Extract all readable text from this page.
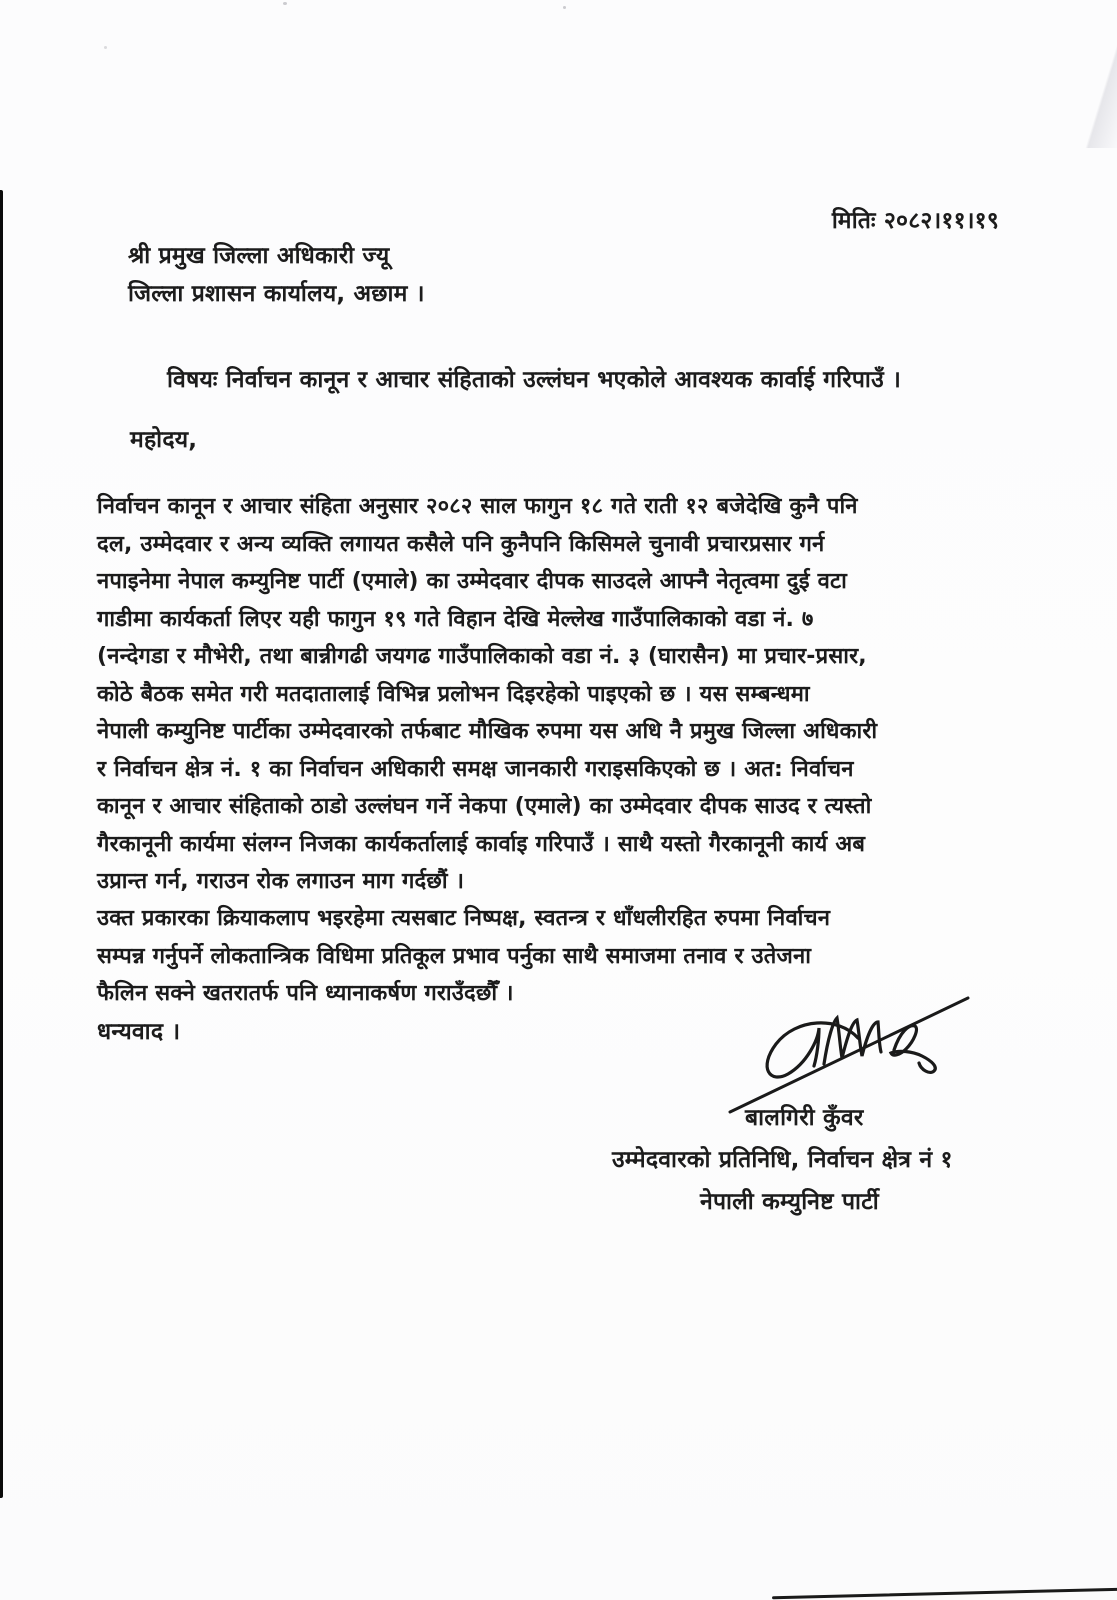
मितिः २०८२।११।१९
श्री प्रमुख जिल्ला अधिकारी ज्यू
जिल्ला प्रशासन कार्यालय, अछाम ।
विषयः निर्वाचन कानून र आचार संहिताको उल्लंघन भएकोले आवश्यक कार्वाई गरिपाउँ ।
महोदय,
निर्वाचन कानून र आचार संहिता अनुसार २०८२ साल फागुन १८ गते राती १२ बजेदेखि कुनै पनि
दल, उम्मेदवार र अन्य व्यक्ति लगायत कसैले पनि कुनैपनि किसिमले चुनावी प्रचारप्रसार गर्न
नपाइनेमा नेपाल कम्युनिष्ट पार्टी (एमाले) का उम्मेदवार दीपक साउदले आफ्नै नेतृत्वमा दुई वटा
गाडीमा कार्यकर्ता लिएर यही फागुन १९ गते विहान देखि मेल्लेख गाउँपालिकाको वडा नं. ७
(नन्देगडा र मौभेरी, तथा बान्नीगढी जयगढ गाउँपालिकाको वडा नं. ३ (घारासैन) मा प्रचार-प्रसार,
कोठे बैठक समेत गरी मतदातालाई विभिन्न प्रलोभन दिइरहेको पाइएको छ । यस सम्बन्धमा
नेपाली कम्युनिष्ट पार्टीका उम्मेदवारको तर्फबाट मौखिक रुपमा यस अधि नै प्रमुख जिल्ला अधिकारी
र निर्वाचन क्षेत्र नं. १ का निर्वाचन अधिकारी समक्ष जानकारी गराइसकिएको छ । अत: निर्वाचन
कानून र आचार संहिताको ठाडो उल्लंघन गर्ने नेकपा (एमाले) का उम्मेदवार दीपक साउद र त्यस्तो
गैरकानूनी कार्यमा संलग्न निजका कार्यकर्तालाई कार्वाइ गरिपाउँ । साथै यस्तो गैरकानूनी कार्य अब
उप्रान्त गर्न, गराउन रोक लगाउन माग गर्दछौं ।
उक्त प्रकारका क्रियाकलाप भइरहेमा त्यसबाट निष्पक्ष, स्वतन्त्र र धाँधलीरहित रुपमा निर्वाचन
सम्पन्न गर्नुपर्ने लोकतान्त्रिक विधिमा प्रतिकूल प्रभाव पर्नुका साथै समाजमा तनाव र उतेजना
फैलिन सक्ने खतरातर्फ पनि ध्यानाकर्षण गराउँदछौँ ।
धन्यवाद ।
बालगिरी कुँवर
उम्मेदवारको प्रतिनिधि, निर्वाचन क्षेत्र नं १
नेपाली कम्युनिष्ट पार्टी
